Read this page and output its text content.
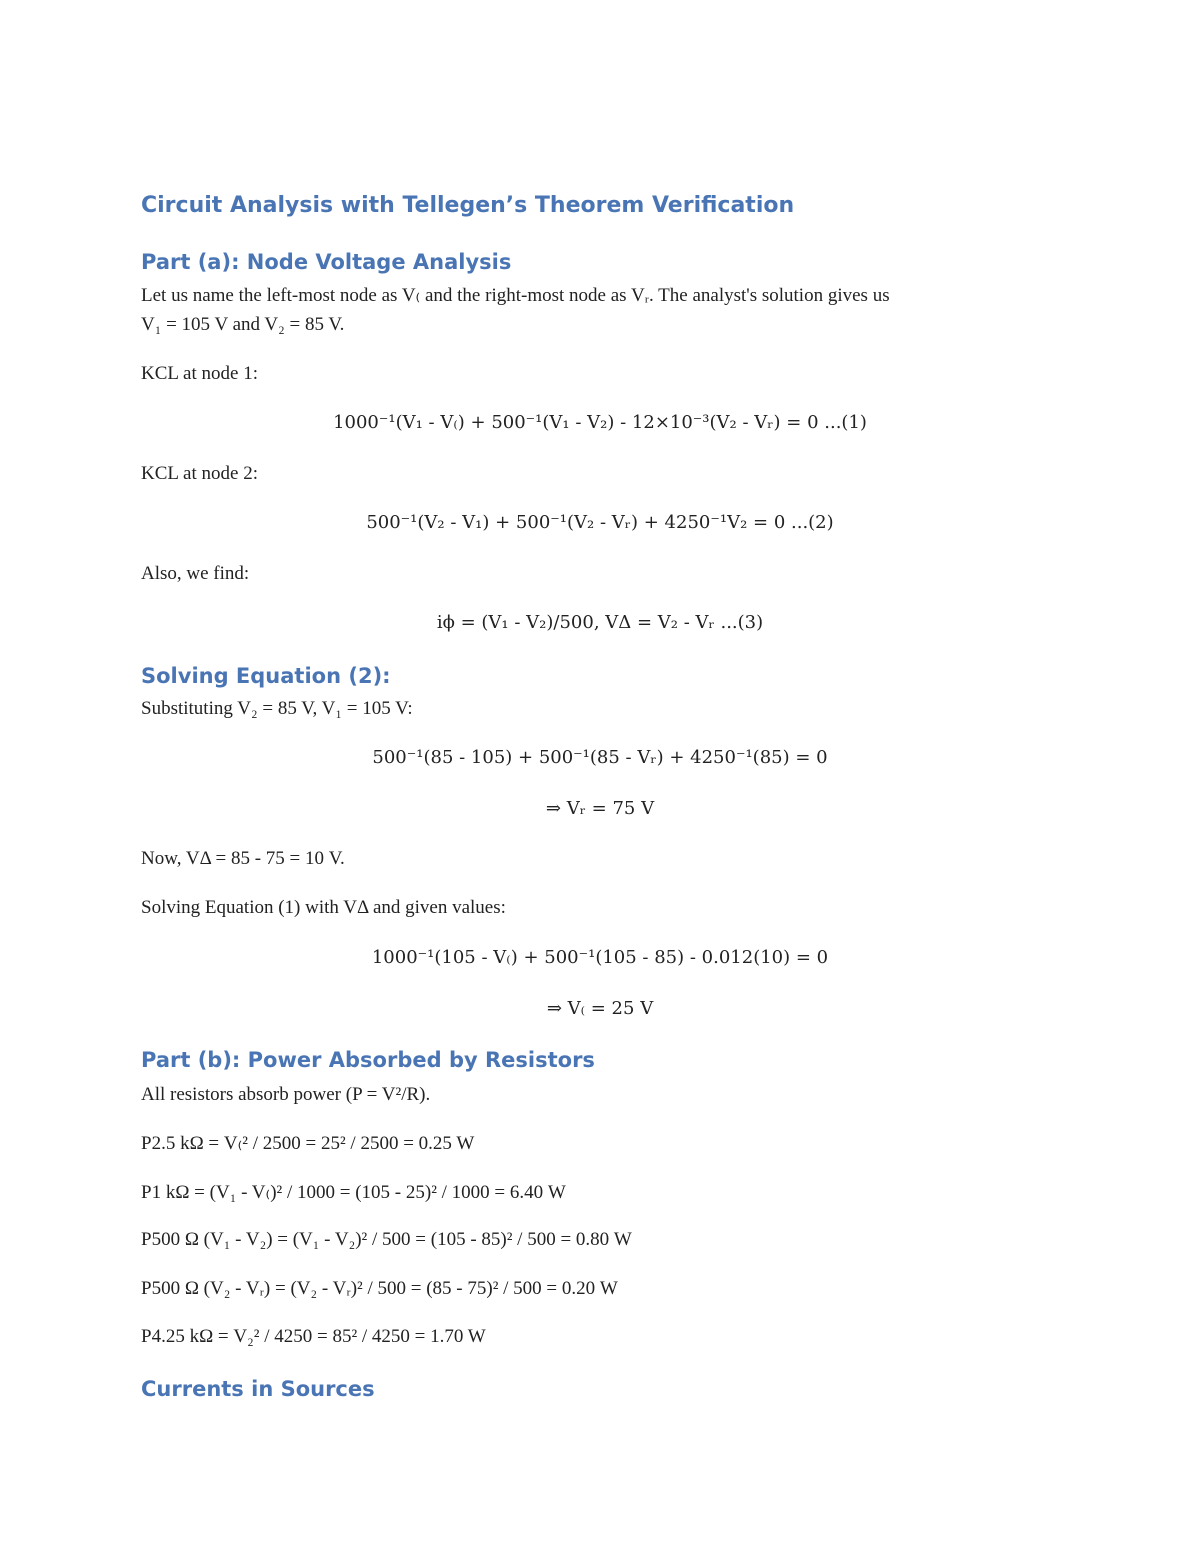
Circuit Analysis with Tellegen’s Theorem Verification
Part (a): Node Voltage Analysis

Let us name the left-most node as V₍ and the right-most node as Vᵣ. The analyst's solution gives us

V₁ = 105 V and V₂ = 85 V.

KCL at node 1:

1000⁻¹(V₁ - V₍) + 500⁻¹(V₁ - V₂) - 12×10⁻³(V₂ - Vᵣ) = 0 ...(1)

KCL at node 2:

500⁻¹(V₂ - V₁) + 500⁻¹(V₂ - Vᵣ) + 4250⁻¹V₂ = 0 ...(2)

Also, we find:

iϕ = (V₁ - V₂)/500, VΔ = V₂ - Vᵣ ...(3)

Solving Equation (2):

Substituting V₂ = 85 V, V₁ = 105 V:

500⁻¹(85 - 105) + 500⁻¹(85 - Vᵣ) + 4250⁻¹(85) = 0

⇒ Vᵣ = 75 V

Now, VΔ = 85 - 75 = 10 V.

Solving Equation (1) with VΔ and given values:

1000⁻¹(105 - V₍) + 500⁻¹(105 - 85) - 0.012(10) = 0

⇒ V₍ = 25 V

Part (b): Power Absorbed by Resistors

All resistors absorb power (P = V²/R).

P2.5 kΩ = V₍² / 2500 = 25² / 2500 = 0.25 W

P1 kΩ = (V₁ - V₍)² / 1000 = (105 - 25)² / 1000 = 6.40 W

P500 Ω (V₁ - V₂) = (V₁ - V₂)² / 500 = (105 - 85)² / 500 = 0.80 W

P500 Ω (V₂ - Vᵣ) = (V₂ - Vᵣ)² / 500 = (85 - 75)² / 500 = 0.20 W

P4.25 kΩ = V₂² / 4250 = 85² / 4250 = 1.70 W

Currents in Sources
